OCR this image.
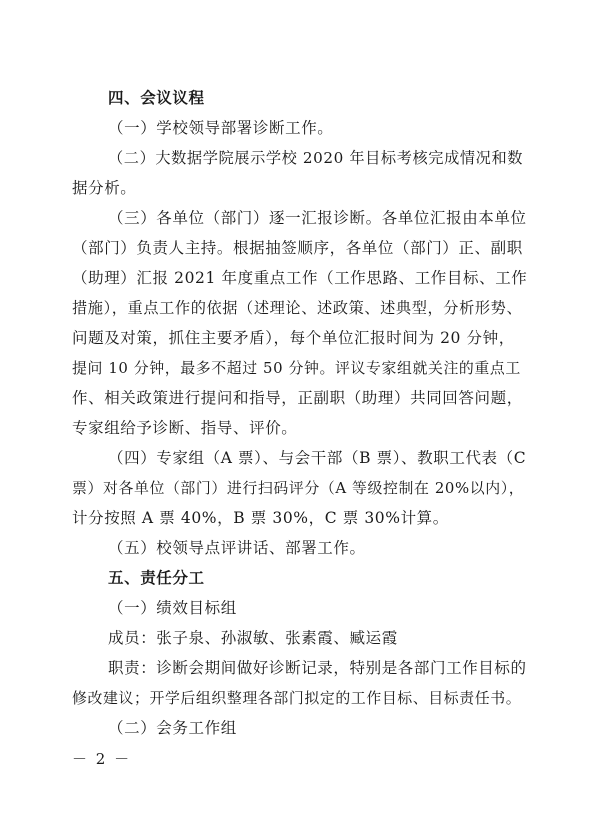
四、会议议程
（一）学校领导部署诊断工作。
（二）大数据学院展示学校 2020 年目标考核完成情况和数
据分析。
（三）各单位（部门）逐一汇报诊断。各单位汇报由本单位
（部门）负责人主持。根据抽签顺序，各单位（部门）正、副职
（助理）汇报 2021 年度重点工作（工作思路、工作目标、工作
措施），重点工作的依据（述理论、述政策、述典型，分析形势、
问题及对策，抓住主要矛盾），每个单位汇报时间为 20 分钟，
提问 10 分钟，最多不超过 50 分钟。评议专家组就关注的重点工
作、相关政策进行提问和指导，正副职（助理）共同回答问题，
专家组给予诊断、指导、评价。
（四）专家组（A 票）、与会干部（B 票）、教职工代表（C
票）对各单位（部门）进行扫码评分（A 等级控制在 20%以内），
计分按照 A 票 40%，B 票 30%，C 票 30%计算。
（五）校领导点评讲话、部署工作。
五、责任分工
（一）绩效目标组
成员：张子泉、孙淑敏、张素霞、臧运霞
职责：诊断会期间做好诊断记录，特别是各部门工作目标的
修改建议；开学后组织整理各部门拟定的工作目标、目标责任书。
（二）会务工作组
－ 2 －
